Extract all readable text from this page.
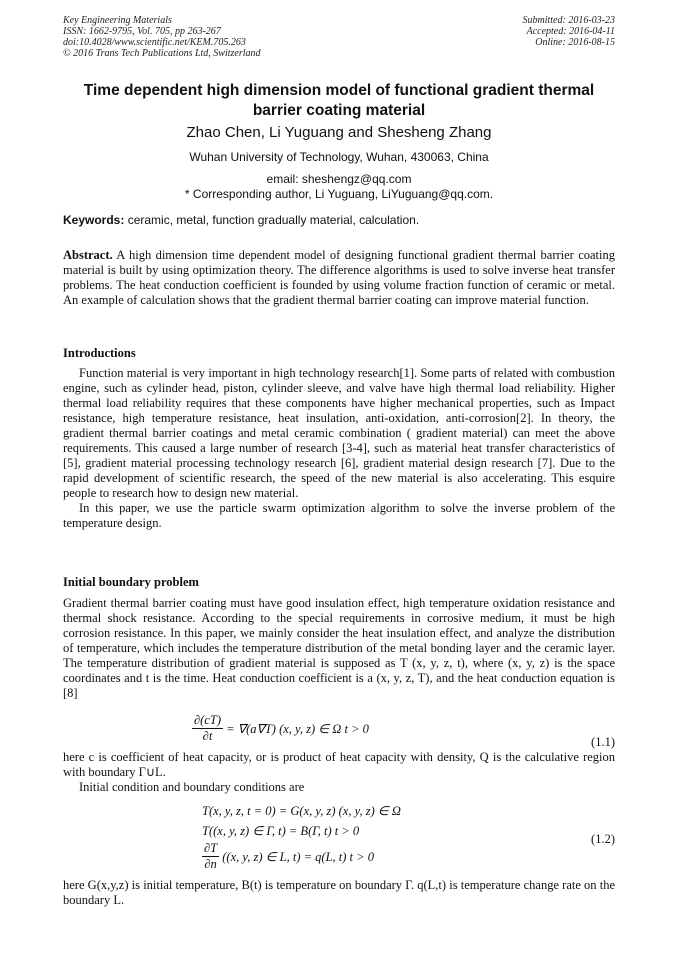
Key Engineering Materials
ISSN: 1662-9795, Vol. 705, pp 263-267
doi:10.4028/www.scientific.net/KEM.705.263
© 2016 Trans Tech Publications Ltd, Switzerland
Submitted: 2016-03-23
Accepted: 2016-04-11
Online: 2016-08-15
Time dependent high dimension model of functional gradient thermal barrier coating material
Zhao Chen, Li Yuguang and Shesheng Zhang
Wuhan University of Technology, Wuhan, 430063, China
email: sheshengz@qq.com
* Corresponding author, Li Yuguang, LiYuguang@qq.com.
Keywords: ceramic, metal, function gradually material, calculation.

Abstract. A high dimension time dependent model of designing functional gradient thermal barrier coating material is built by using optimization theory. The difference algorithms is used to solve inverse heat transfer problems. The heat conduction coefficient is founded by using volume fraction function of ceramic or metal. An example of calculation shows that the gradient thermal barrier coating can improve material function.

Introductions

Function material is very important in high technology research[1]. Some parts of related with combustion engine, such as cylinder head, piston, cylinder sleeve, and valve have high thermal load reliability. Higher thermal load reliability requires that these components have higher mechanical properties, such as Impact resistance, high temperature resistance, heat insulation, anti-oxidation, anti-corrosion[2]. In theory, the gradient thermal barrier coatings and metal ceramic combination ( gradient material) can meet the above requirements. This caused a large number of research [3-4], such as material heat transfer characteristics of [5], gradient material processing technology research [6], gradient material design research [7]. Due to the rapid development of scientific research, the speed of the new material is also accelerating. This esquire people to research how to design new material.

In this paper, we use the particle swarm optimization algorithm to solve the inverse problem of the temperature design.

Initial boundary problem

Gradient thermal barrier coating must have good insulation effect, high temperature oxidation resistance and thermal shock resistance. According to the special requirements in corrosive medium, it must be high corrosion resistance. In this paper, we mainly consider the heat insulation effect, and analyze the distribution of temperature, which includes the temperature distribution of the metal bonding layer and the ceramic layer. The temperature distribution of gradient material is supposed as T (x, y, z, t), where (x, y, z) is the space coordinates and t is the time. Heat conduction coefficient is a (x, y, z, T), and the heat conduction equation is [8]

$\frac{\partial(cT)}{\partial t} = \nabla(a\nabla T)$ (x, y, z) ∈ Ω t > 0
(1.1)

here c is coefficient of heat capacity, or is product of heat capacity with density, Q is the calculative region with boundary Γ∪L.

Initial condition and boundary conditions are

T(x, y, z, t = 0) = G(x, y, z) (x, y, z) ∈ Ω
T((x, y, z) ∈ Γ, t) = B(Γ, t) t > 0
$\frac{\partial T}{\partial n} ((x$, y, z) ∈ L, t) = q(L, t) t > 0
(1.2)

here G(x,y,z) is initial temperature, B(t) is temperature on boundary Γ. q(L,t) is temperature change rate on the boundary L.
